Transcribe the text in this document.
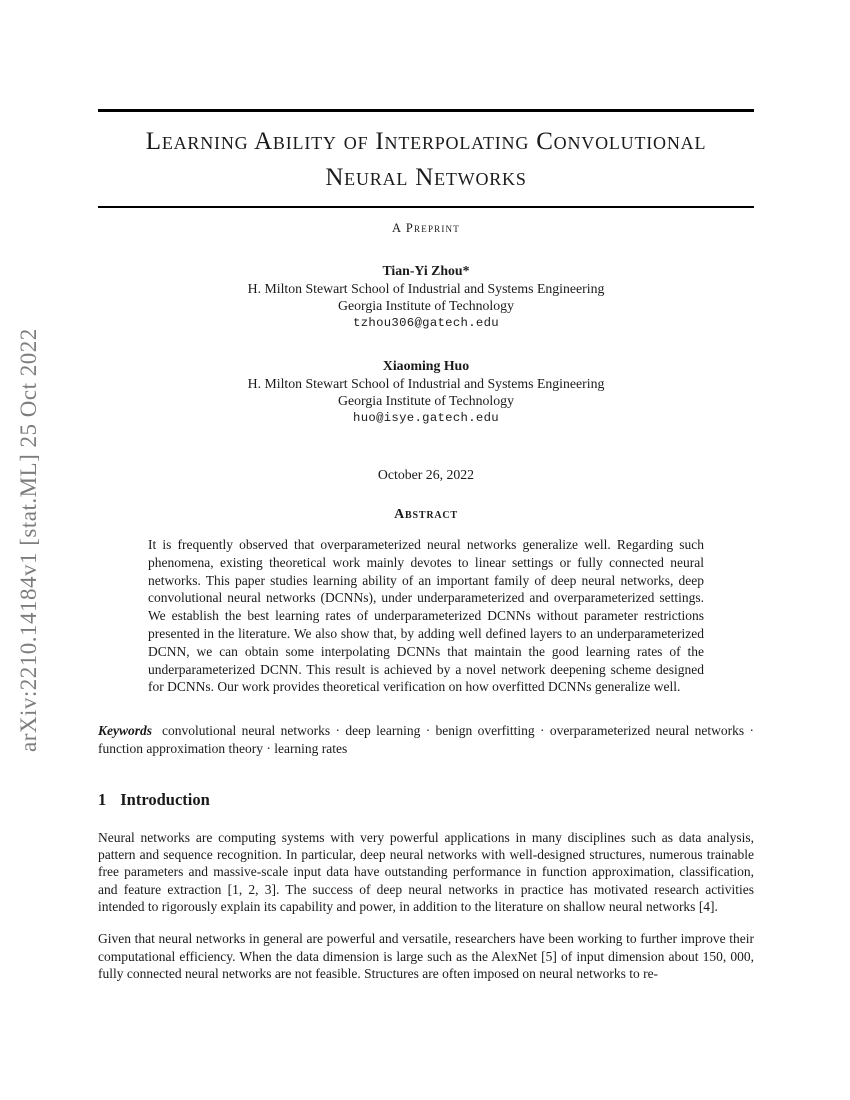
arXiv:2210.14184v1 [stat.ML] 25 Oct 2022
Learning Ability of Interpolating Convolutional
Neural Networks
A Preprint
Tian-Yi Zhou*
H. Milton Stewart School of Industrial and Systems Engineering
Georgia Institute of Technology
tzhou306@gatech.edu
Xiaoming Huo
H. Milton Stewart School of Industrial and Systems Engineering
Georgia Institute of Technology
huo@isye.gatech.edu
October 26, 2022
Abstract
It is frequently observed that overparameterized neural networks generalize well. Regarding such phenomena, existing theoretical work mainly devotes to linear settings or fully connected neural networks. This paper studies learning ability of an important family of deep neural networks, deep convolutional neural networks (DCNNs), under underparameterized and overparameterized settings. We establish the best learning rates of underparameterized DCNNs without parameter restrictions presented in the literature. We also show that, by adding well defined layers to an underparameterized DCNN, we can obtain some interpolating DCNNs that maintain the good learning rates of the underparameterized DCNN. This result is achieved by a novel network deepening scheme designed for DCNNs. Our work provides theoretical verification on how overfitted DCNNs generalize well.
Keywords convolutional neural networks · deep learning · benign overfitting · overparameterized neural networks · function approximation theory · learning rates
1 Introduction
Neural networks are computing systems with very powerful applications in many disciplines such as data analysis, pattern and sequence recognition. In particular, deep neural networks with well-designed structures, numerous trainable free parameters and massive-scale input data have outstanding performance in function approximation, classification, and feature extraction [1, 2, 3]. The success of deep neural networks in practice has motivated research activities intended to rigorously explain its capability and power, in addition to the literature on shallow neural networks [4].
Given that neural networks in general are powerful and versatile, researchers have been working to further improve their computational efficiency. When the data dimension is large such as the AlexNet [5] of input dimension about 150, 000, fully connected neural networks are not feasible. Structures are often imposed on neural networks to re-
